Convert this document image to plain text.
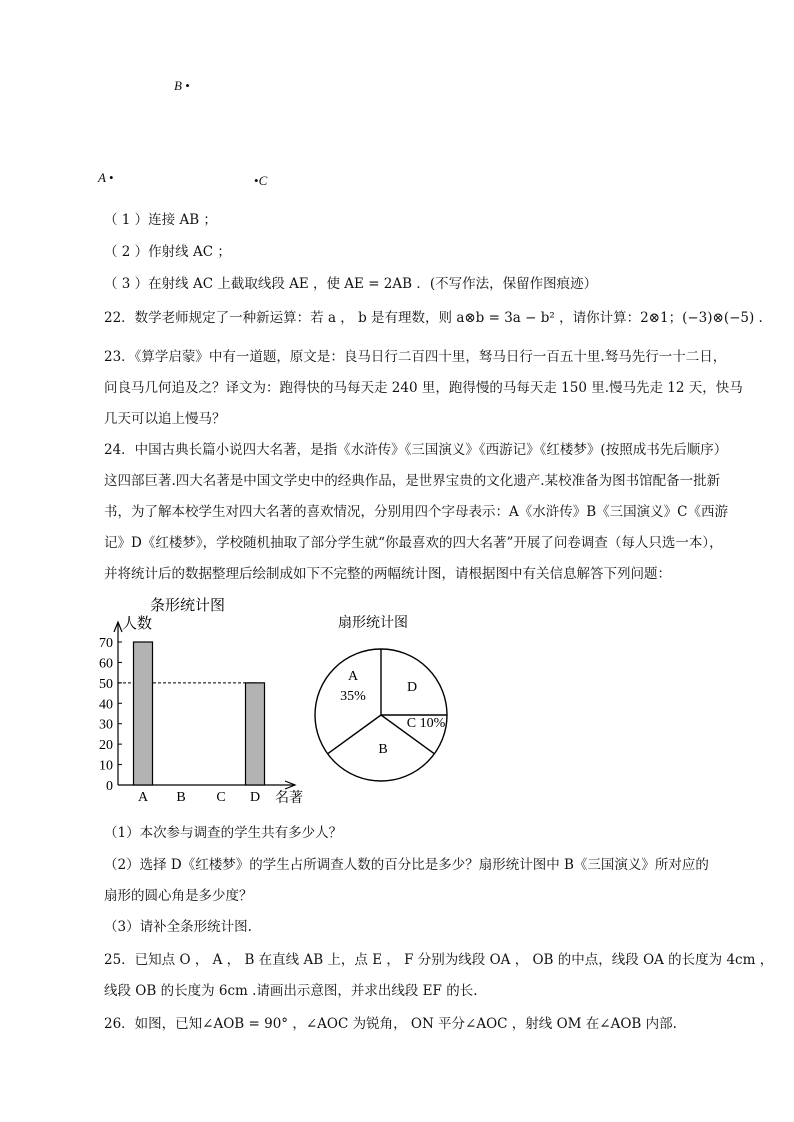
B •
A •	•C
（ 1 ）连接 AB ；
（ 2 ）作射线 AC ；
（ 3 ）在射线 AC 上截取线段 AE ，使 AE = 2AB ．(不写作法，保留作图痕迹）
22．数学老师规定了一种新运算：若 a ， b 是有理数，则 a⊗b = 3a − b² ，请你计算：2⊗1；(−3)⊗(−5) .
23．《算学启蒙》中有一道题，原文是：良马日行二百四十里，驽马日行一百五十里.驽马先行一十二日，
问良马几何追及之？译文为：跑得快的马每天走 240 里，跑得慢的马每天走 150 里.慢马先走 12 天，快马
几天可以追上慢马？
24．中国古典长篇小说四大名著，是指《水浒传》《三国演义》《西游记》《红楼梦》(按照成书先后顺序）
这四部巨著.四大名著是中国文学史中的经典作品，是世界宝贵的文化遗产.某校准备为图书馆配备一批新
书，为了解本校学生对四大名著的喜欢情况，分别用四个字母表示：A《水浒传》B《三国演义》C《西游
记》D《红楼梦》，学校随机抽取了部分学生就“你最喜欢的四大名著”开展了问卷调查（每人只选一本），
并将统计后的数据整理后绘制成如下不完整的两幅统计图，请根据图中有关信息解答下列问题：
条形统计图
人数
名著
0
10
20
30
40
50
60
70
A B C D
扇形统计图
A
35%
D
C 10%
B
（1）本次参与调查的学生共有多少人？
（2）选择 D《红楼梦》的学生占所调查人数的百分比是多少？扇形统计图中 B《三国演义》所对应的
扇形的圆心角是多少度？
（3）请补全条形统计图.
25．已知点 O ， A ， B 在直线 AB 上，点 E ， F 分别为线段 OA ， OB 的中点，线段 OA 的长度为 4cm ，
线段 OB 的长度为 6cm .请画出示意图，并求出线段 EF 的长.
26．如图，已知∠AOB = 90° ，∠AOC 为锐角， ON 平分∠AOC ，射线 OM 在∠AOB 内部.
